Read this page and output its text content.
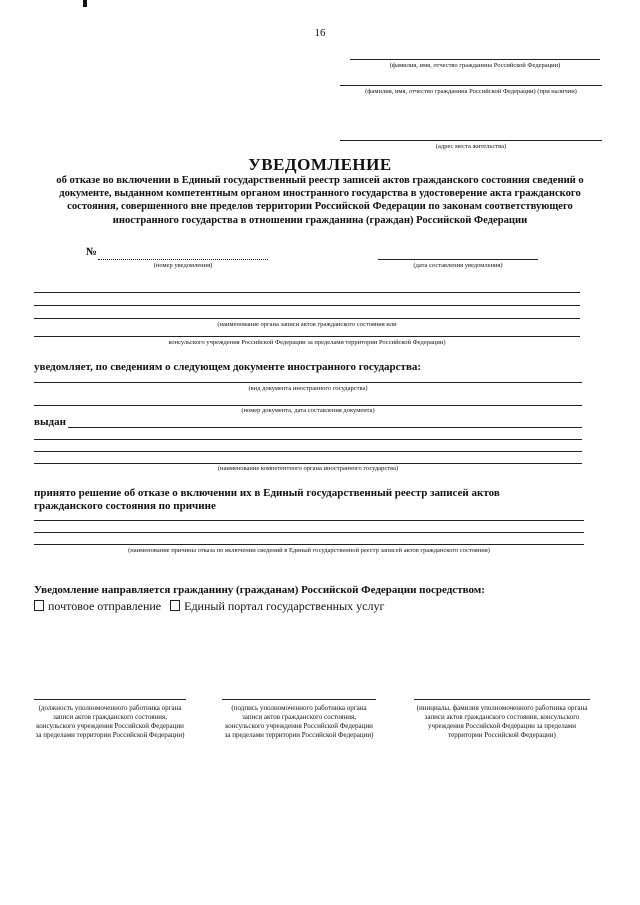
16
(фамилия, имя, отчество гражданина Российской Федерации)
(фамилия, имя, отчество гражданина Российской Федерации) (при наличии)
(адрес места жительства)
УВЕДОМЛЕНИЕ
об отказе во включении в Единый государственный реестр записей актов гражданского состояния сведений о документе, выданном компетентным органом иностранного государства в удостоверение акта гражданского состояния, совершенного вне пределов территории Российской Федерации по законам соответствующего иностранного государства в отношении гражданина (граждан) Российской Федерации
№
(номер уведомления)	(дата составления уведомления)
(наименование органа записи актов гражданского состояния или
консульского учреждения Российской Федерации за пределами территории Российской Федерации)
уведомляет, по сведениям о следующем документе иностранного государства:
(вид документа иностранного государства)
(номер документа, дата составления документа)
выдан
(наименование компетентного органа иностранного государства)
принято решение об отказе о включении их в Единый государственный реестр записей актов
гражданского состояния по причине
(наименование причины отказа по включении сведений в Единый государственной реестр записей актов гражданского состояния)
Уведомление направляется гражданину (гражданам) Российской Федерации посредством:
почтовое отправление Единый портал государственных услуг
(должность уполномоченного работника органа записи актов гражданского состояния, консульского учреждения Российской Федерации за пределами территории Российской Федерации)
(подпись уполномоченного работника органа записи актов гражданского состояния, консульского учреждения Российской Федерации за пределами территории Российской Федерации)
(инициалы, фамилия уполномоченного работника органа записи актов гражданского состояния, консульского учреждения Российской Федерации за пределами территории Российской Федерации)
